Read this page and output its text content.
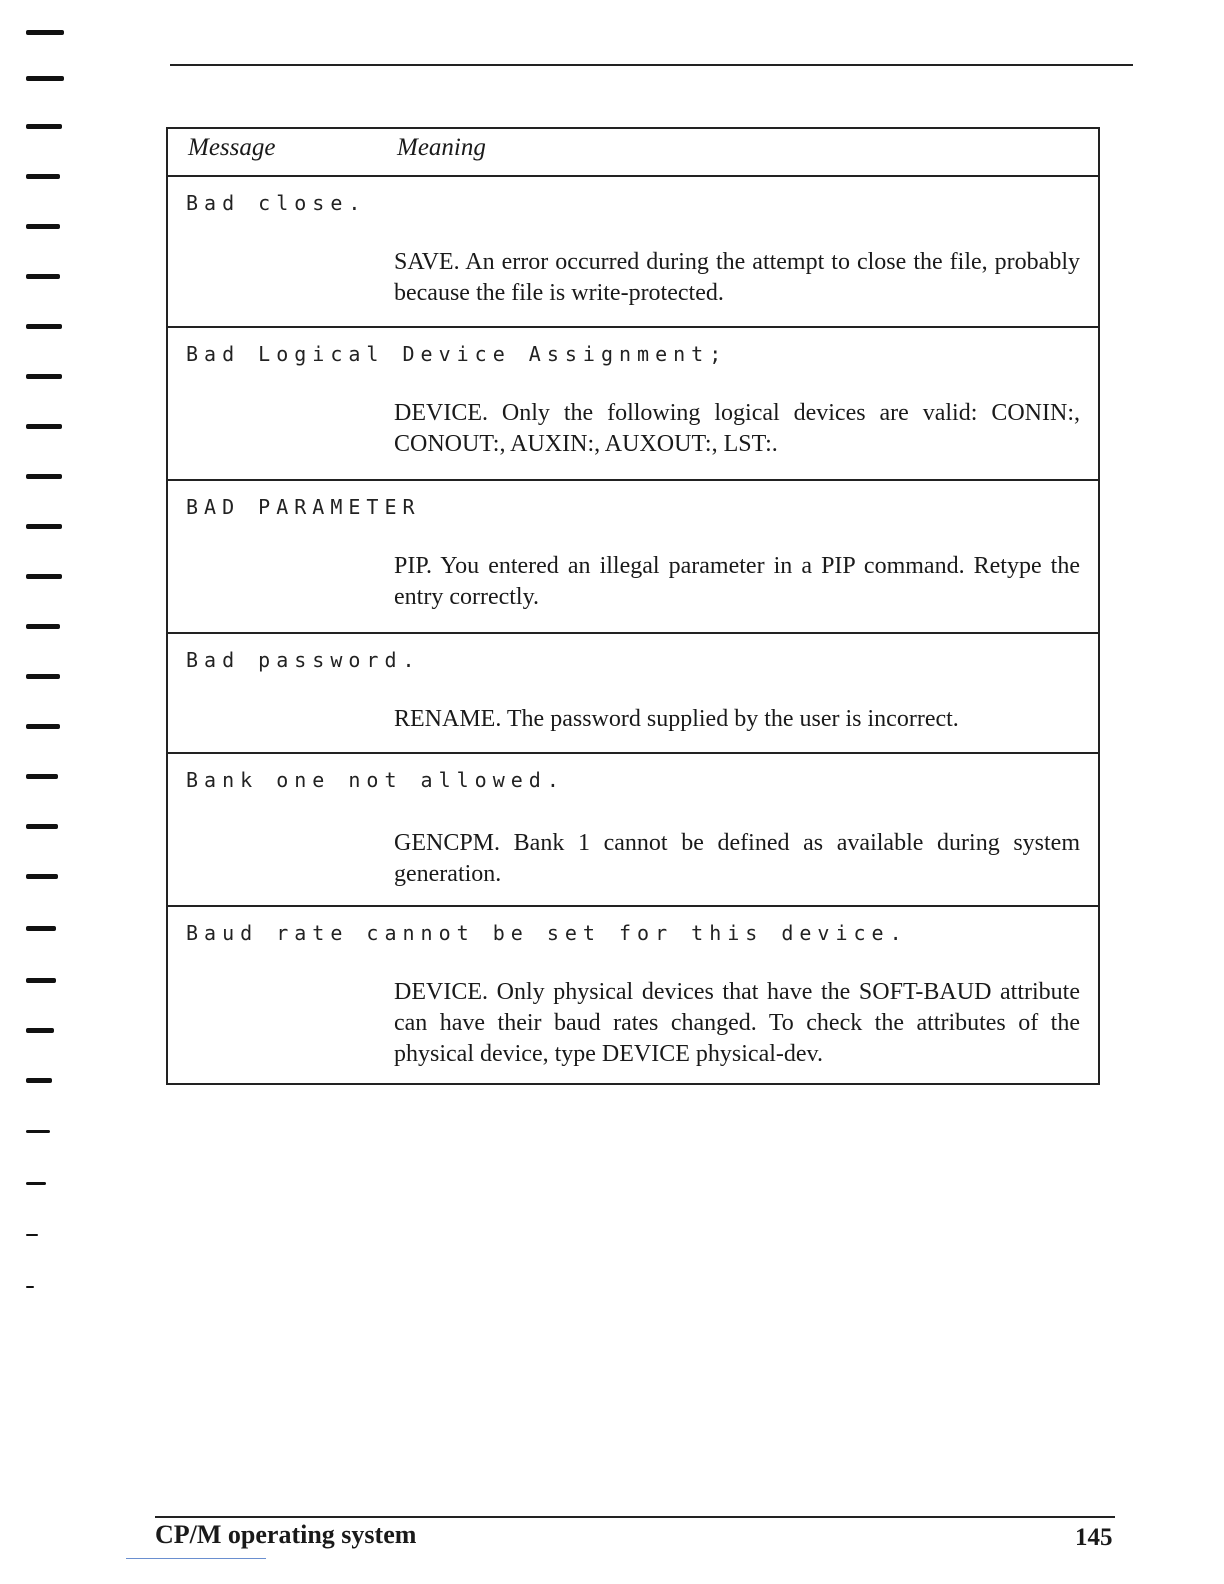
Message	Meaning
Bad close.
SAVE. An error occurred during the attempt to close the file, probably because the file is write-protected.
Bad Logical Device Assignment;
DEVICE. Only the following logical devices are valid: CONIN:, CONOUT:, AUXIN:, AUXOUT:, LST:.
BAD PARAMETER
PIP. You entered an illegal parameter in a PIP command. Retype the entry correctly.
Bad password.
RENAME. The password supplied by the user is incorrect.
Bank one not allowed.
GENCPM. Bank 1 cannot be defined as available during system generation.
Baud rate cannot be set for this device.
DEVICE. Only physical devices that have the SOFT-BAUD attribute can have their baud rates changed. To check the attributes of the physical device, type DEVICE physical-dev.
CP/M operating system	145
